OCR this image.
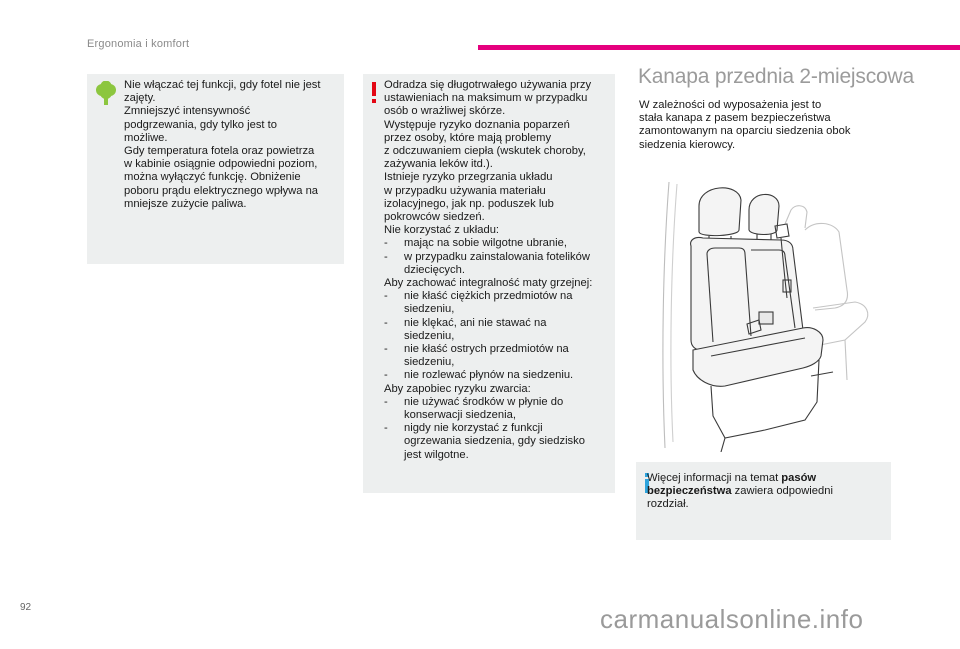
Ergonomia i komfort

Nie włączać tej funkcji, gdy fotel nie jest

zajęty.

Zmniejszyć intensywność

podgrzewania, gdy tylko jest to

możliwe.

Gdy temperatura fotela oraz powietrza

w kabinie osiągnie odpowiedni poziom,

można wyłączyć funkcję. Obniżenie

poboru prądu elektrycznego wpływa na

mniejsze zużycie paliwa.

Odradza się długotrwałego używania przy

ustawieniach na maksimum w przypadku

osób o wrażliwej skórze.

Występuje ryzyko doznania poparzeń

przez osoby, które mają problemy

z odczuwaniem ciepła (wskutek choroby,

zażywania leków itd.).

Istnieje ryzyko przegrzania układu

w przypadku używania materiału

izolacyjnego, jak np. poduszek lub

pokrowców siedzeń.

Nie korzystać z układu:

- mając na sobie wilgotne ubranie,

- w przypadku zainstalowania fotelików

dziecięcych.

Aby zachować integralność maty grzejnej:

- nie kłaść ciężkich przedmiotów na

siedzeniu,

- nie klękać, ani nie stawać na

siedzeniu,

- nie kłaść ostrych przedmiotów na

siedzeniu,

- nie rozlewać płynów na siedzeniu.

Aby zapobiec ryzyku zwarcia:

- nie używać środków w płynie do

konserwacji siedzenia,

- nigdy nie korzystać z funkcji

ogrzewania siedzenia, gdy siedzisko

jest wilgotne.

Kanapa przednia 2-miejscowa

W zależności od wyposażenia jest to

stała kanapa z pasem bezpieczeństwa

zamontowanym na oparciu siedzenia obok

siedzenia kierowcy.

Więcej informacji na temat pasów

bezpieczeństwa zawiera odpowiedni

rozdział.

92	carmanualsonline.info
